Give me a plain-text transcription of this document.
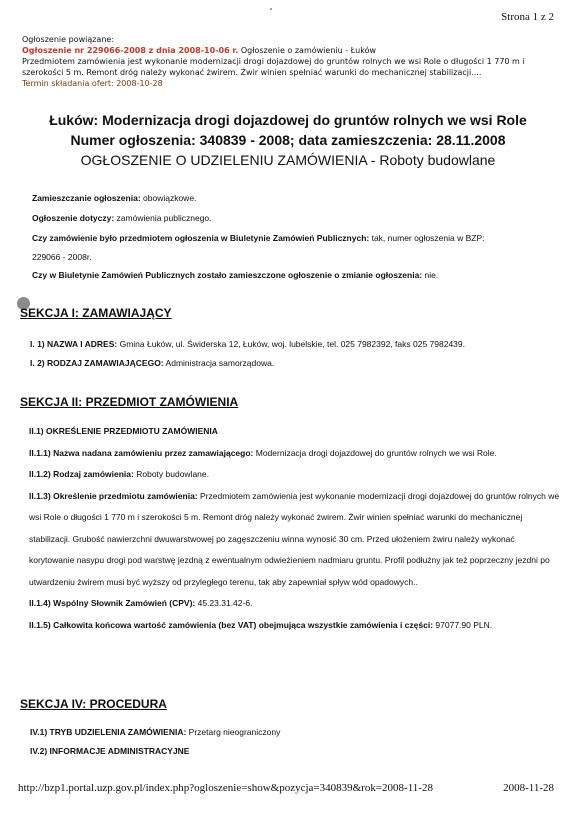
Strona 1 z 2
Ogłoszenie powiązane:
Ogłoszenie nr 229066-2008 z dnia 2008-10-06 r. Ogłoszenie o zamówieniu - Łuków
Przedmiotem zamówienia jest wykonanie modernizacji drogi dojazdowej do gruntów rolnych we wsi Role o długości 1 770 m i
szerokości 5 m. Remont dróg należy wykonać żwirem. Żwir winien spełniać warunki do mechanicznej stabilizacji....
Termin składania ofert: 2008-10-28
Łuków: Modernizacja drogi dojazdowej do gruntów rolnych we wsi Role
Numer ogłoszenia: 340839 - 2008; data zamieszczenia: 28.11.2008
OGŁOSZENIE O UDZIELENIU ZAMÓWIENIA - Roboty budowlane
Zamieszczanie ogłoszenia: obowiązkowe.
Ogłoszenie dotyczy: zamówienia publicznego.
Czy zamówienie było przedmiotem ogłoszenia w Biuletynie Zamówień Publicznych: tak, numer ogłoszenia w BZP:
229066 - 2008r.
Czy w Biuletynie Zamówień Publicznych zostało zamieszczone ogłoszenie o zmianie ogłoszenia: nie.
SEKCJA I: ZAMAWIAJĄCY
I. 1) NAZWA I ADRES: Gmina Łuków, ul. Świderska 12, Łuków, woj. lubelskie, tel. 025 7982392, faks 025 7982439.
I. 2) RODZAJ ZAMAWIAJĄCEGO: Administracja samorządowa.
SEKCJA II: PRZEDMIOT ZAMÓWIENIA
II.1) OKREŚLENIE PRZEDMIOTU ZAMÓWIENIA
II.1.1) Nazwa nadana zamówieniu przez zamawiającego: Modernizacja drogi dojazdowej do gruntów rolnych we wsi Role.
II.1.2) Rodzaj zamówienia: Roboty budowlane.
II.1.3) Określenie przedmiotu zamówienia: Przedmiotem zamówienia jest wykonanie modernizacji drogi dojazdowej do gruntów rolnych we wsi Role o długości 1 770 m i szerokości 5 m. Remont dróg należy wykonać żwirem. Żwir winien spełniać warunki do mechanicznej stabilizacji. Grubość nawierzchni dwuwarstwowej po zagęszczeniu winna wynosić 30 cm. Przed ułożeniem żwiru należy wykonać korytowanie nasypu drogi pod warstwę jezdną z ewentualnym odwieżieniem nadmiaru gruntu. Profil podłużny jak też poprzeczny jezdni po utwardzeniu żwirem musi być wyższy od przyległego terenu, tak aby zapewniał spływ wód opadowych..
II.1.4) Wspólny Słownik Zamówień (CPV): 45.23.31.42-6.
II.1.5) Całkowita końcowa wartość zamówienia (bez VAT) obejmująca wszystkie zamówienia i części: 97077.90 PLN.
SEKCJA IV: PROCEDURA
IV.1) TRYB UDZIELENIA ZAMÓWIENIA: Przetarg nieograniczony
IV.2) INFORMACJE ADMINISTRACYJNE
http://bzp1.portal.uzp.gov.pl/index.php?ogloszenie=show&pozycja=340839&rok=2008-11-28	2008-11-28
